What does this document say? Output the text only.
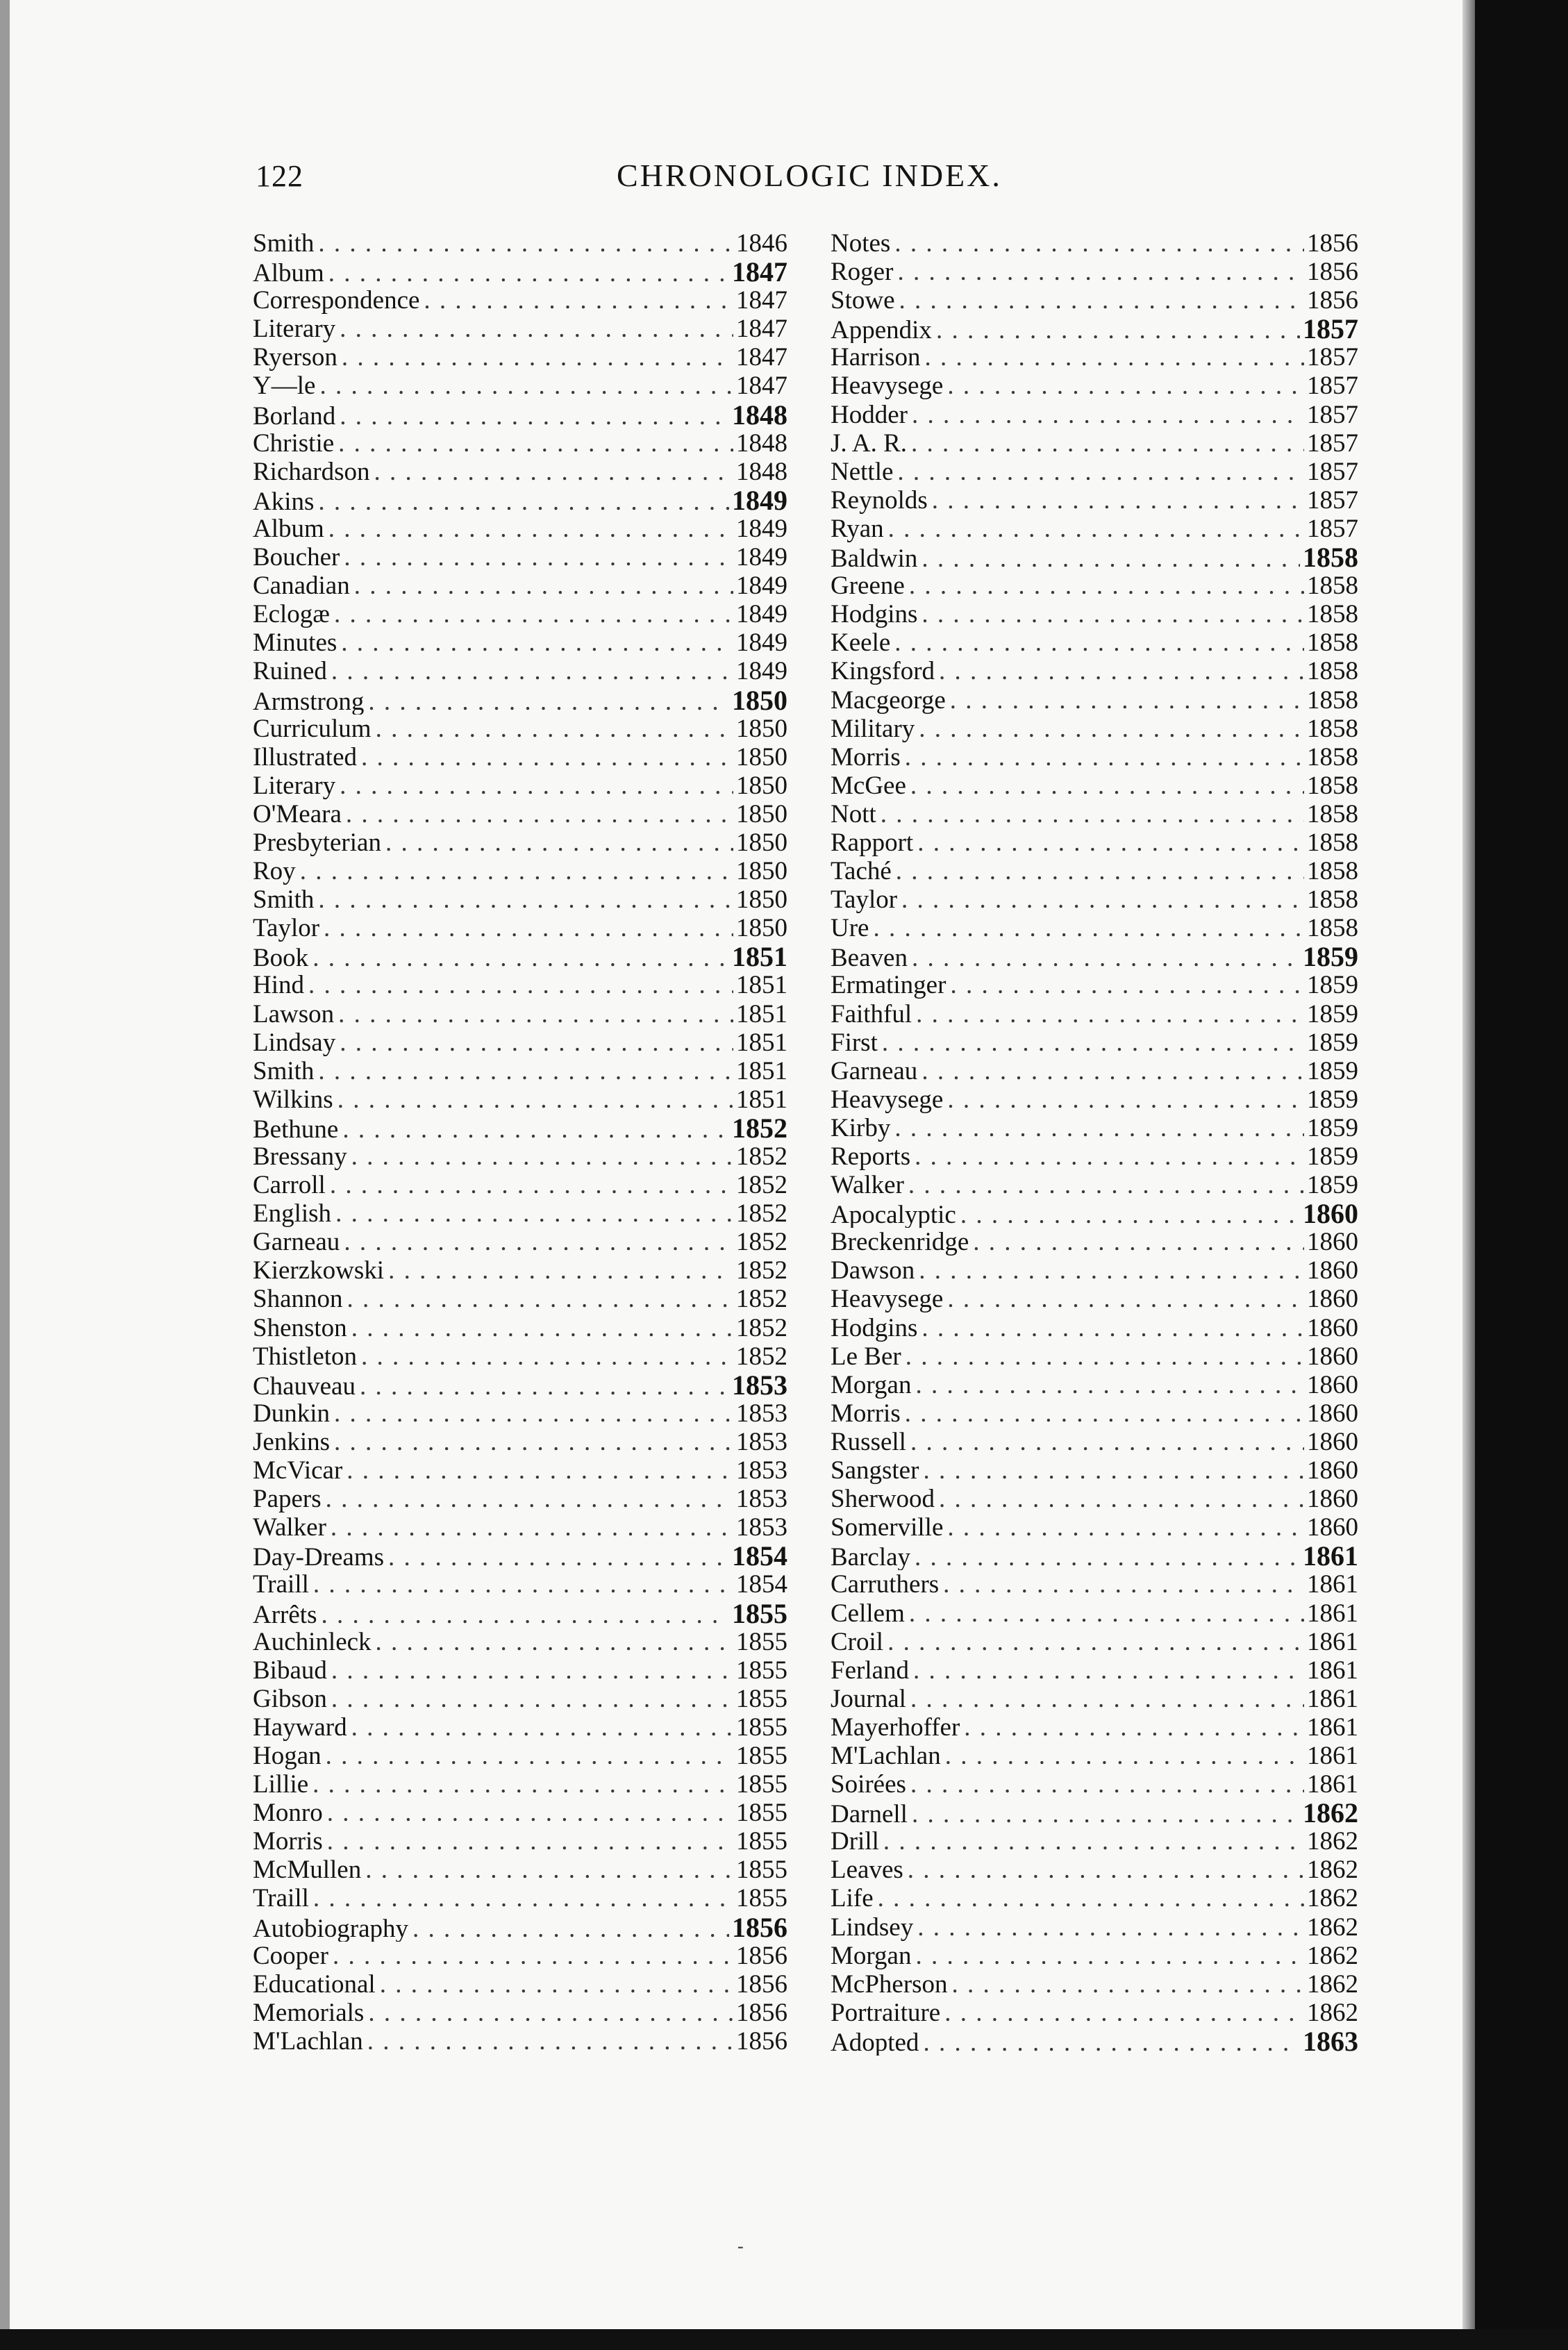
122	CHRONOLOGIC INDEX.
Smith . . .	1846
Album . . .	1847
Correspondence . . .	1847
Literary . . .	1847
Ryerson . . .	1847
Y—le . . .	1847
Borland . . .	1848
Christie . . .	1848
Richardson . . .	1848
Akins . . .	1849
Album . . .	1849
Boucher . . .	1849
Canadian . . .	1849
Eclogæ . . .	1849
Minutes . . .	1849
Ruined . . .	1849
Armstrong . . .	1850
Curriculum . . .	1850
Illustrated . . .	1850
Literary . . .	1850
O'Meara . . .	1850
Presbyterian . . .	1850
Roy . . .	1850
Smith . . .	1850
Taylor . . .	1850
Book . . .	1851
Hind . . .	1851
Lawson . . .	1851
Lindsay . . .	1851
Smith . . .	1851
Wilkins . . .	1851
Bethune . . .	1852
Bressany . . .	1852
Carroll . . .	1852
English . . .	1852
Garneau . . .	1852
Kierzkowski . . .	1852
Shannon . . .	1852
Shenston . . .	1852
Thistleton . . .	1852
Chauveau . . .	1853
Dunkin . . .	1853
Jenkins . . .	1853
McVicar . . .	1853
Papers . . .	1853
Walker . . .	1853
Day-Dreams . . .	1854
Traill . . .	1854
Arrêts . . .	1855
Auchinleck . . .	1855
Bibaud . . .	1855
Gibson . . .	1855
Hayward . . .	1855
Hogan . . .	1855
Lillie . . .	1855
Monro . . .	1855
Morris . . .	1855
McMullen . . .	1855
Traill . . .	1855
Autobiography . . .	1856
Cooper . . .	1856
Educational . . .	1856
Memorials . . .	1856
M'Lachlan . . .	1856
Notes . . .	1856
Roger . . .	1856
Stowe . . .	1856
Appendix . . .	1857
Harrison . . .	1857
Heavysege . . .	1857
Hodder . . .	1857
J. A. R. . . .	1857
Nettle . . .	1857
Reynolds . . .	1857
Ryan . . .	1857
Baldwin . . .	1858
Greene . . .	1858
Hodgins . . .	1858
Keele . . .	1858
Kingsford . . .	1858
Macgeorge . . .	1858
Military . . .	1858
Morris . . .	1858
McGee . . .	1858
Nott . . .	1858
Rapport . . .	1858
Taché . . .	1858
Taylor . . .	1858
Ure . . .	1858
Beaven . . .	1859
Ermatinger . . .	1859
Faithful . . .	1859
First . . .	1859
Garneau . . .	1859
Heavysege . . .	1859
Kirby . . .	1859
Reports . . .	1859
Walker . . .	1859
Apocalyptic . . .	1860
Breckenridge . . .	1860
Dawson . . .	1860
Heavysege . . .	1860
Hodgins . . .	1860
Le Ber . . .	1860
Morgan . . .	1860
Morris . . .	1860
Russell . . .	1860
Sangster . . .	1860
Sherwood . . .	1860
Somerville . . .	1860
Barclay . . .	1861
Carruthers . . .	1861
Cellem . . .	1861
Croil . . .	1861
Ferland . . .	1861
Journal . . .	1861
Mayerhoffer . . .	1861
M'Lachlan . . .	1861
Soirées . . .	1861
Darnell . . .	1862
Drill . . .	1862
Leaves . . .	1862
Life . . .	1862
Lindsey . . .	1862
Morgan . . .	1862
McPherson . . .	1862
Portraiture . . .	1862
Adopted . . .	1863
-
